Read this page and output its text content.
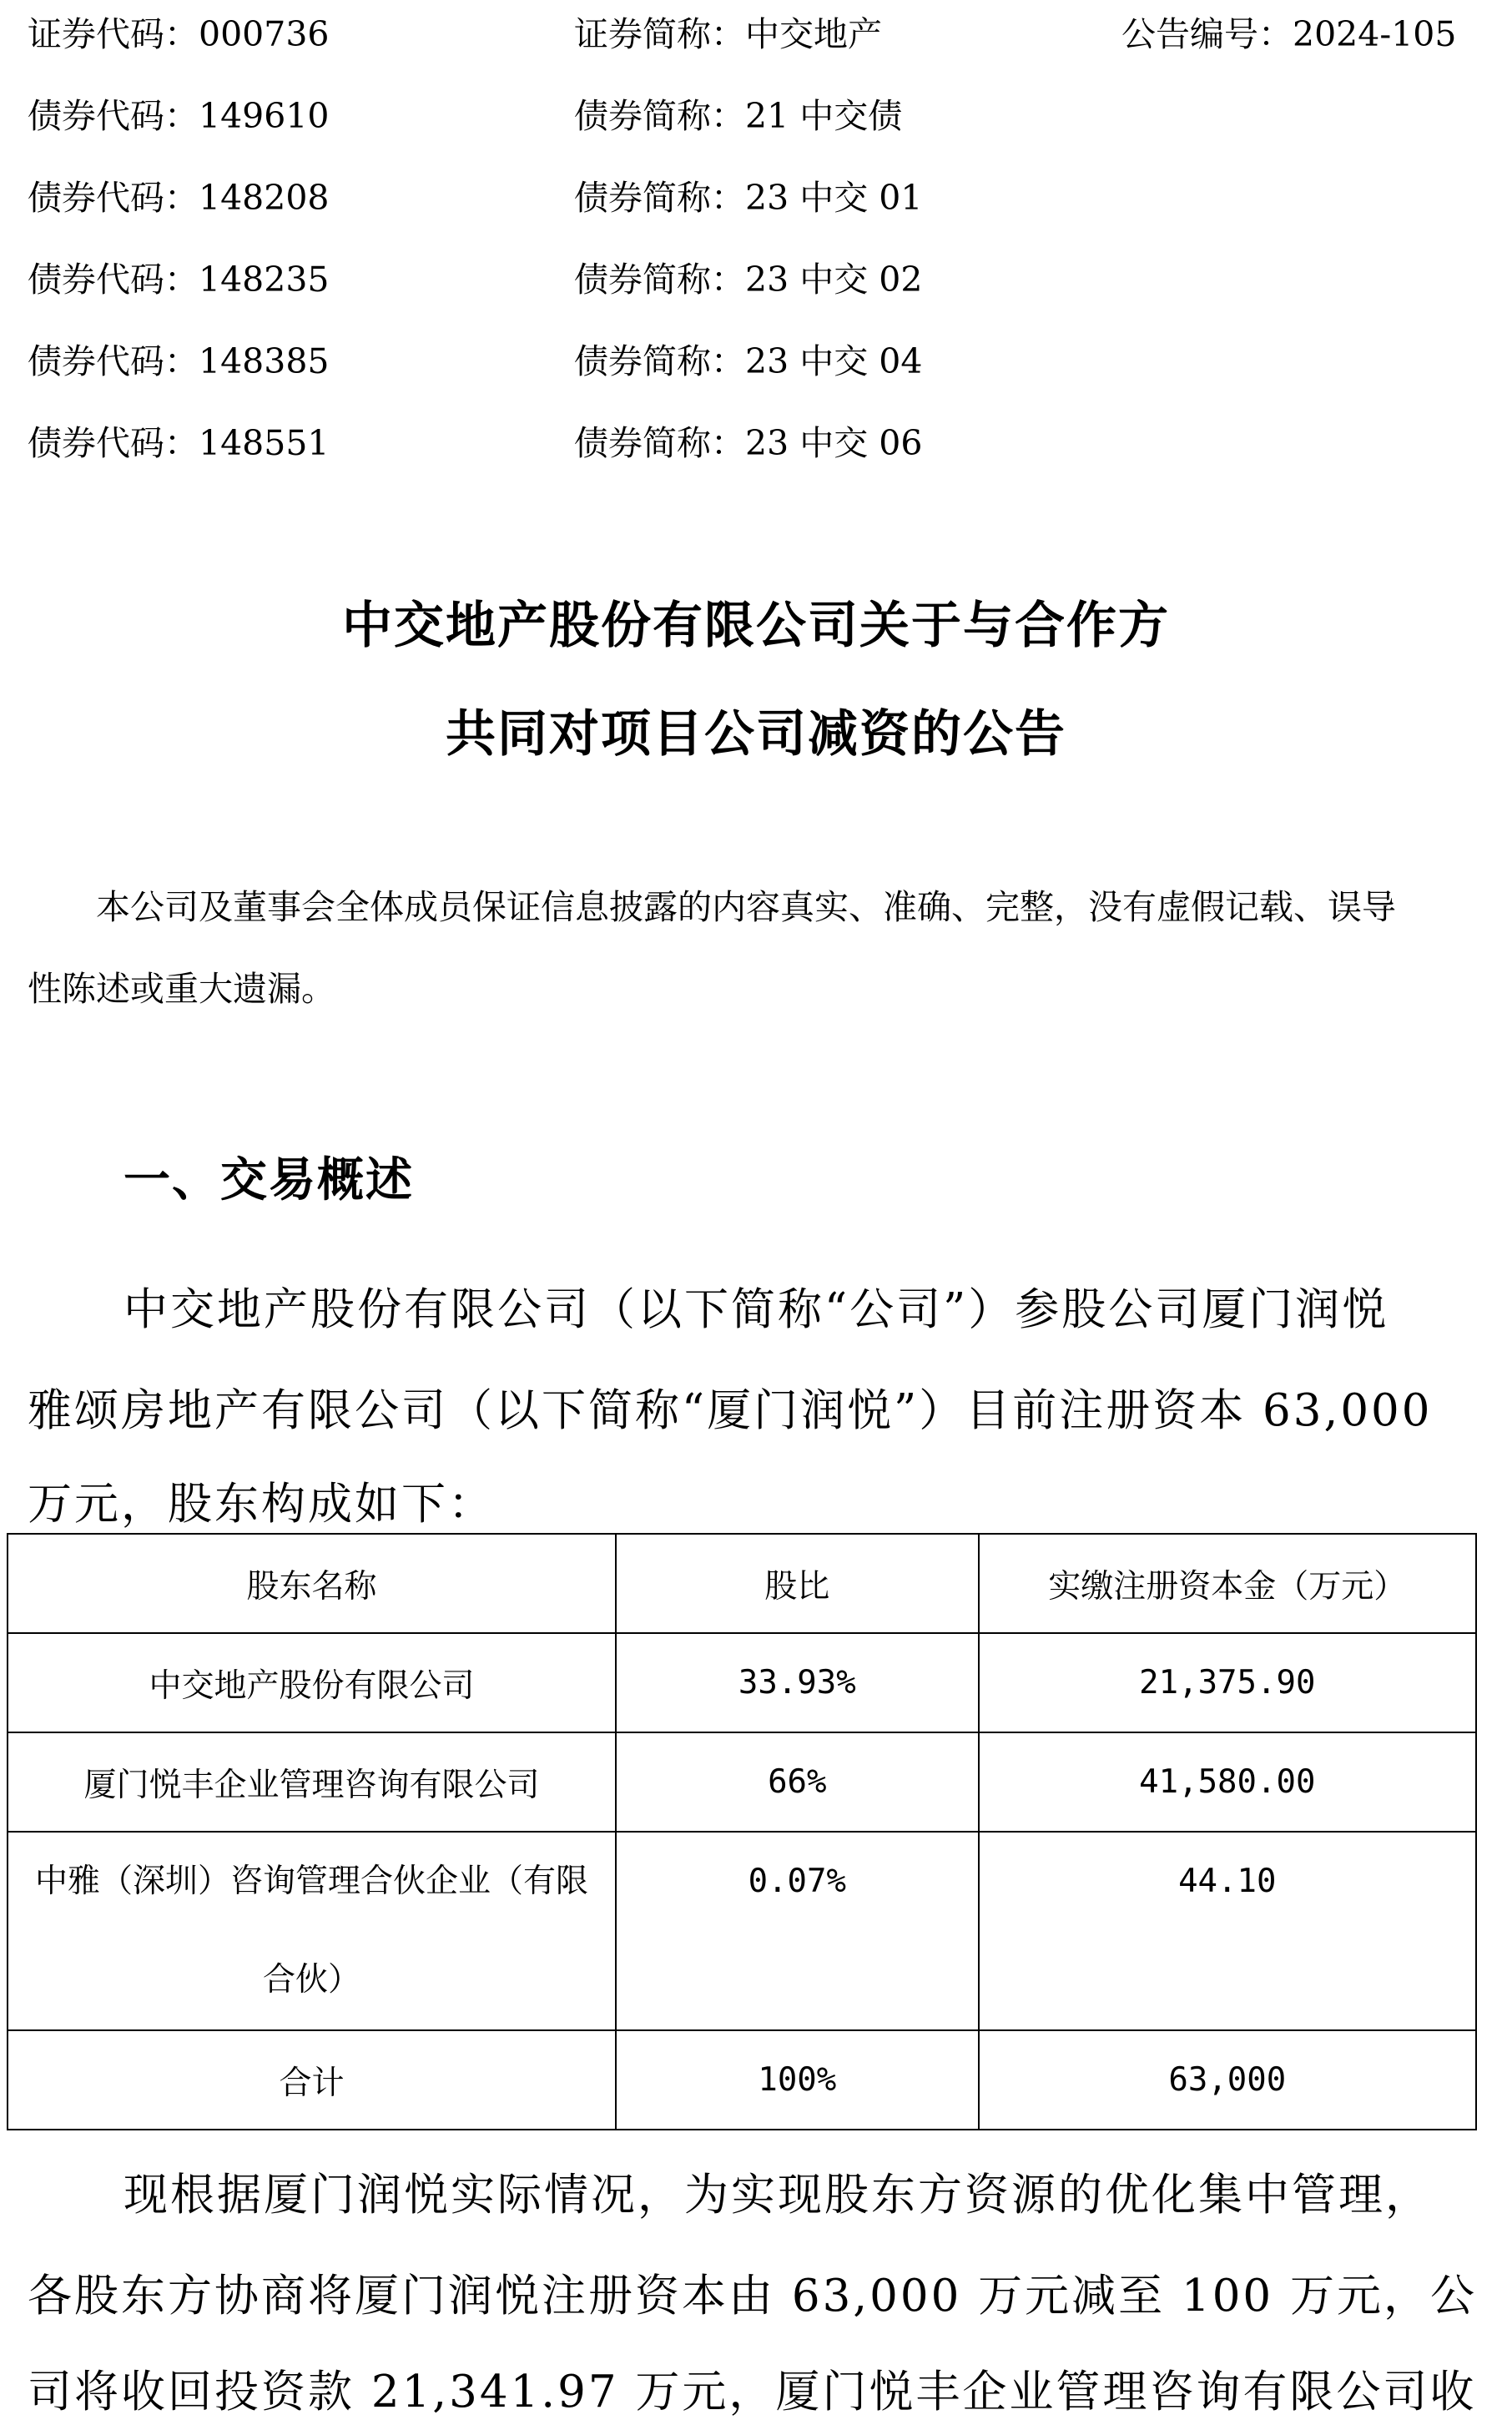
证券代码：000736	证券简称：中交地产	公告编号：2024-105
债券代码：149610	债券简称：21 中交债
债券代码：148208	债券简称：23 中交 01
债券代码：148235	债券简称：23 中交 02
债券代码：148385	债券简称：23 中交 04
债券代码：148551	债券简称：23 中交 06
中交地产股份有限公司关于与合作方
共同对项目公司减资的公告
本公司及董事会全体成员保证信息披露的内容真实、准确、完整，没有虚假记载、误导
性陈述或重大遗漏。
一、交易概述
中交地产股份有限公司（以下简称“公司”）参股公司厦门润悦
雅颂房地产有限公司（以下简称“厦门润悦”）目前注册资本 63,000
万元，股东构成如下：
股东名称	股比	实缴注册资本金（万元）
中交地产股份有限公司	33.93%	21,375.90
厦门悦丰企业管理咨询有限公司	66%	41,580.00

中雅（深圳）咨询管理合伙企业（有限合伙）	0.07%	44.10
合计	100%	63,000
现根据厦门润悦实际情况，为实现股东方资源的优化集中管理，
各股东方协商将厦门润悦注册资本由 63,000 万元减至 100 万元，公
司将收回投资款 21,341.97 万元，厦门悦丰企业管理咨询有限公司收
